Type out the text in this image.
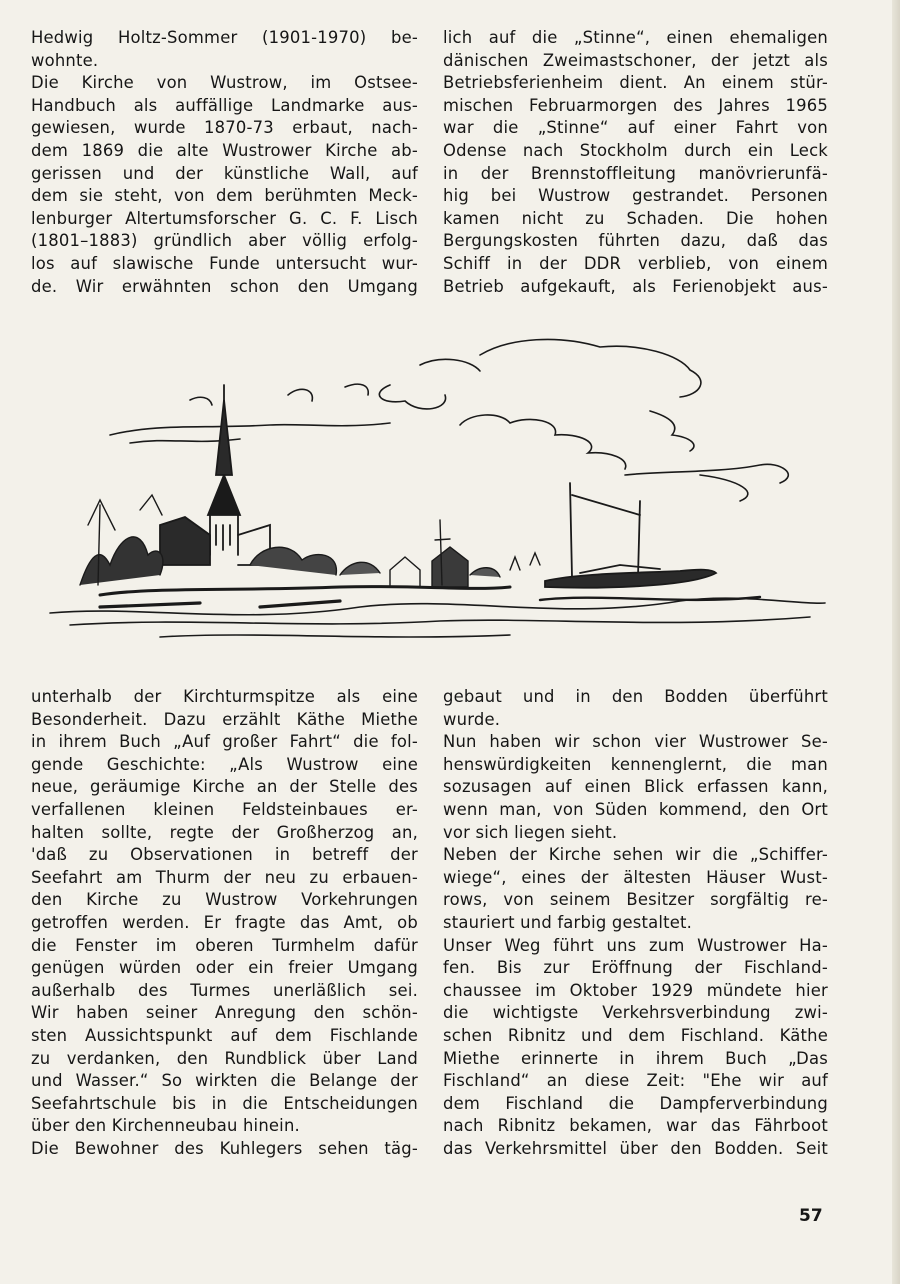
Hedwig Holtz-Sommer (1901-1970) be-
wohnte.
Die Kirche von Wustrow, im Ostsee-
Handbuch als auffällige Landmarke aus-
gewiesen, wurde 1870-73 erbaut, nach-
dem 1869 die alte Wustrower Kirche ab-
gerissen und der künstliche Wall, auf
dem sie steht, von dem berühmten Meck-
lenburger Altertumsforscher G. C. F. Lisch
(1801–1883) gründlich aber völlig erfolg-
los auf slawische Funde untersucht wur-
de. Wir erwähnten schon den Umgang
lich auf die „Stinne“, einen ehemaligen
dänischen Zweimastschoner, der jetzt als
Betriebsferienheim dient. An einem stür-
mischen Februarmorgen des Jahres 1965
war die „Stinne“ auf einer Fahrt von
Odense nach Stockholm durch ein Leck
in der Brennstoffleitung manövrierunfä-
hig bei Wustrow gestrandet. Personen
kamen nicht zu Schaden. Die hohen
Bergungskosten führten dazu, daß das
Schiff in der DDR verblieb, von einem
Betrieb aufgekauft, als Ferienobjekt aus-
unterhalb der Kirchturmspitze als eine
Besonderheit. Dazu erzählt Käthe Miethe
in ihrem Buch „Auf großer Fahrt“ die fol-
gende Geschichte: „Als Wustrow eine
neue, geräumige Kirche an der Stelle des
verfallenen kleinen Feldsteinbaues er-
halten sollte, regte der Großherzog an,
'daß zu Observationen in betreff der
Seefahrt am Thurm der neu zu erbauen-
den Kirche zu Wustrow Vorkehrungen
getroffen werden. Er fragte das Amt, ob
die Fenster im oberen Turmhelm dafür
genügen würden oder ein freier Umgang
außerhalb des Turmes unerläßlich sei.
Wir haben seiner Anregung den schön-
sten Aussichtspunkt auf dem Fischlande
zu verdanken, den Rundblick über Land
und Wasser.“ So wirkten die Belange der
Seefahrtschule bis in die Entscheidungen
über den Kirchenneubau hinein.
Die Bewohner des Kuhlegers sehen täg-
gebaut und in den Bodden überführt
wurde.
Nun haben wir schon vier Wustrower Se-
henswürdigkeiten kennenglernt, die man
sozusagen auf einen Blick erfassen kann,
wenn man, von Süden kommend, den Ort
vor sich liegen sieht.
Neben der Kirche sehen wir die „Schiffer-
wiege“, eines der ältesten Häuser Wust-
rows, von seinem Besitzer sorgfältig re-
stauriert und farbig gestaltet.
Unser Weg führt uns zum Wustrower Ha-
fen. Bis zur Eröffnung der Fischland-
chaussee im Oktober 1929 mündete hier
die wichtigste Verkehrsverbindung zwi-
schen Ribnitz und dem Fischland. Käthe
Miethe erinnerte in ihrem Buch „Das
Fischland“ an diese Zeit: "Ehe wir auf
dem Fischland die Dampferverbindung
nach Ribnitz bekamen, war das Fährboot
das Verkehrsmittel über den Bodden. Seit
57
